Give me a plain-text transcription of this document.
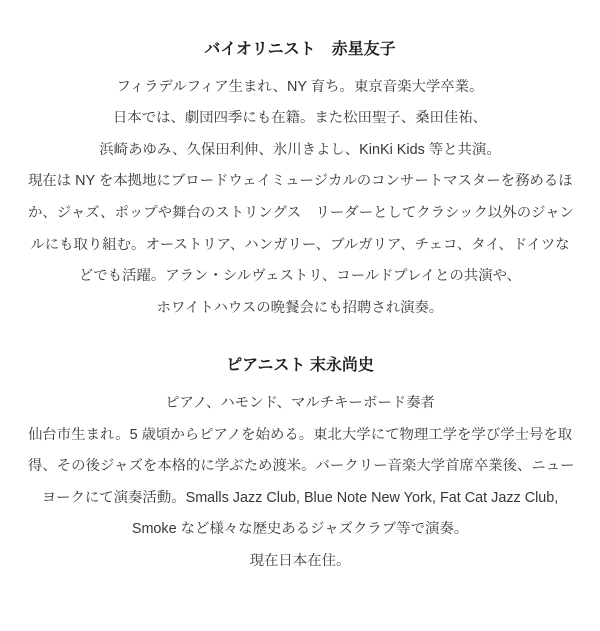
バイオリニスト　赤星友子
フィラデルフィア生まれ、NY 育ち。東京音楽大学卒業。
日本では、劇団四季にも在籍。また松田聖子、桑田佳祐、
浜崎あゆみ、久保田利伸、氷川きよし、KinKi Kids 等と共演。
現在は NY を本拠地にブロードウェイミュージカルのコンサートマスターを務めるほ
か、ジャズ、ポップや舞台のストリングス　リーダーとしてクラシック以外のジャン
ルにも取り組む。オーストリア、ハンガリー、ブルガリア、チェコ、タイ、ドイツな
どでも活躍。アラン・シルヴェストリ、コールドプレイとの共演や、
ホワイトハウスの晩餐会にも招聘され演奏。
ピアニスト 末永尚史
ピアノ、ハモンド、マルチキーボード奏者
仙台市生まれ。5 歳頃からピアノを始める。東北大学にて物理工学を学び学士号を取
得、その後ジャズを本格的に学ぶため渡米。バークリー音楽大学首席卒業後、ニュー
ヨークにて演奏活動。Smalls Jazz Club, Blue Note New York, Fat Cat Jazz Club,
Smoke など様々な歴史あるジャズクラブ等で演奏。
現在日本在住。
